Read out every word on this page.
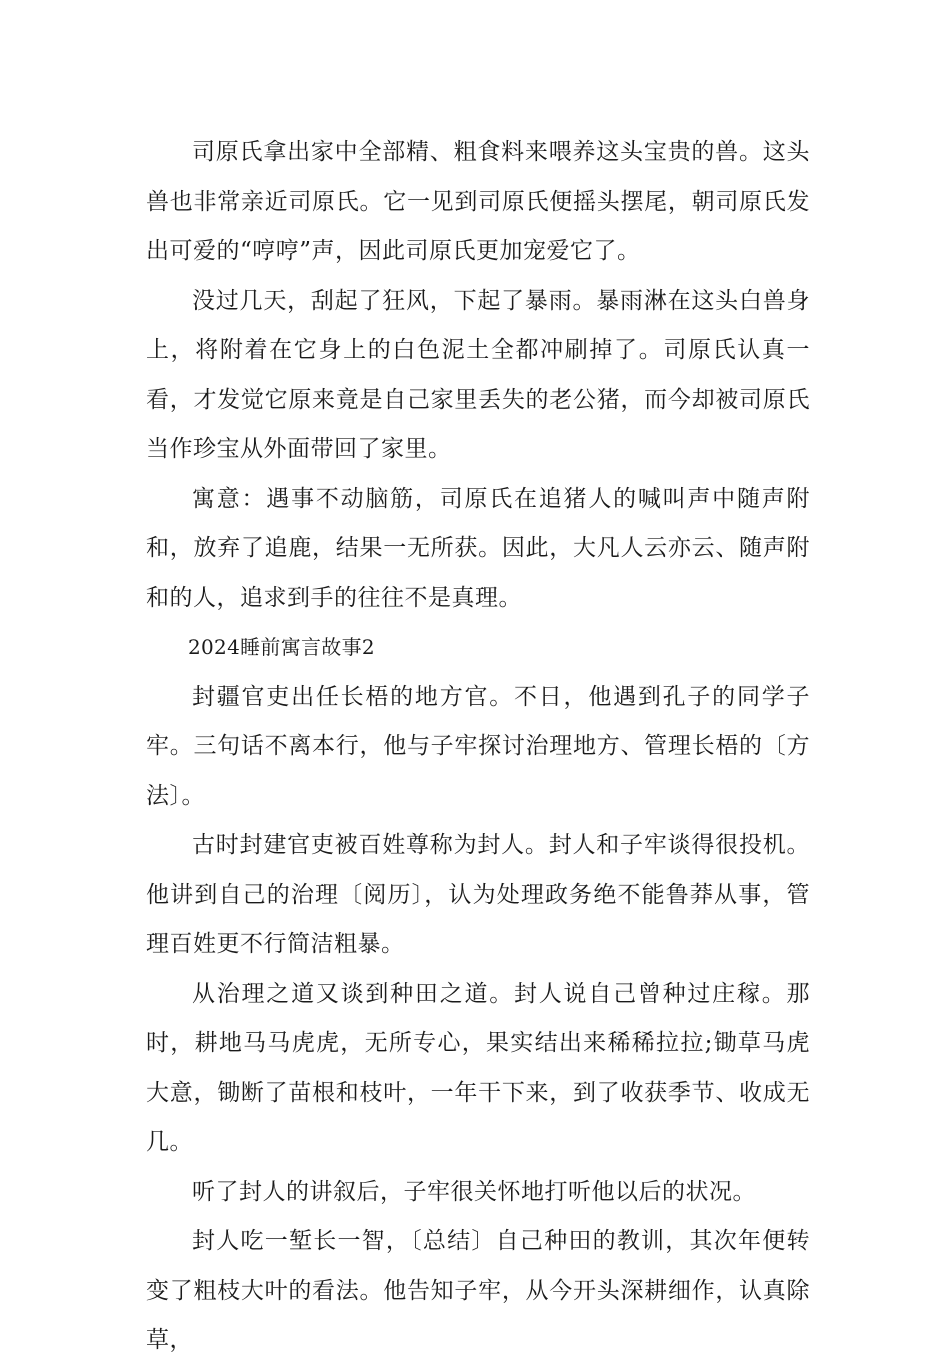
司原氏拿出家中全部精、粗食料来喂养这头宝贵的兽。这头兽也非常亲近司原氏。它一见到司原氏便摇头摆尾，朝司原氏发出可爱的“哼哼”声，因此司原氏更加宠爱它了。

没过几天，刮起了狂风，下起了暴雨。暴雨淋在这头白兽身上，将附着在它身上的白色泥土全都冲刷掉了。司原氏认真一看，才发觉它原来竟是自己家里丢失的老公猪，而今却被司原氏当作珍宝从外面带回了家里。

寓意：遇事不动脑筋，司原氏在追猪人的喊叫声中随声附和，放弃了追鹿，结果一无所获。因此，大凡人云亦云、随声附和的人，追求到手的往往不是真理。

2024睡前寓言故事2

封疆官吏出任长梧的地方官。不日，他遇到孔子的同学子牢。三句话不离本行，他与子牢探讨治理地方、管理长梧的〔方法〕。

古时封建官吏被百姓尊称为封人。封人和子牢谈得很投机。他讲到自己的治理〔阅历〕，认为处理政务绝不能鲁莽从事，管理百姓更不行简洁粗暴。

从治理之道又谈到种田之道。封人说自己曾种过庄稼。那时，耕地马马虎虎，无所专心，果实结出来稀稀拉拉;锄草马虎大意，锄断了苗根和枝叶，一年干下来，到了收获季节、收成无几。

听了封人的讲叙后，子牢很关怀地打听他以后的状况。

封人吃一堑长一智，〔总结〕自己种田的教训，其次年便转变了粗枝大叶的看法。他告知子牢，从今开头深耕细作，认真除草，
